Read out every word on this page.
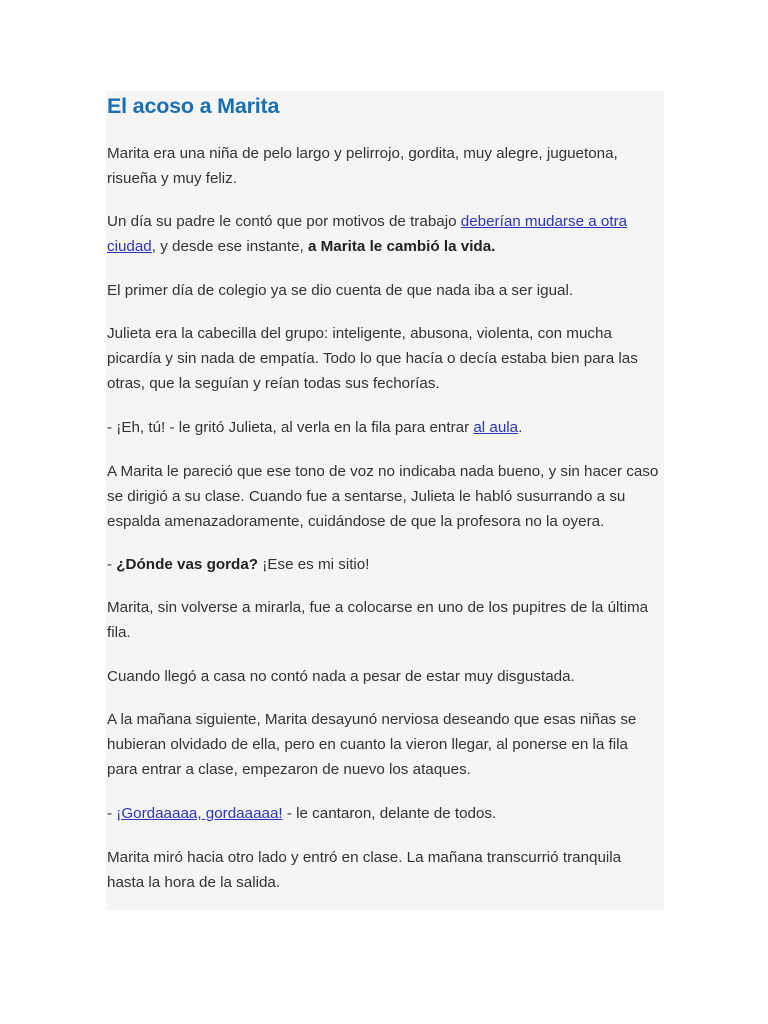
El acoso a Marita

Marita era una niña de pelo largo y pelirrojo, gordita, muy alegre, juguetona, risueña y muy feliz.

Un día su padre le contó que por motivos de trabajo deberían mudarse a otra ciudad, y desde ese instante, a Marita le cambió la vida.

El primer día de colegio ya se dio cuenta de que nada iba a ser igual.

Julieta era la cabecilla del grupo: inteligente, abusona, violenta, con mucha picardía y sin nada de empatía. Todo lo que hacía o decía estaba bien para las otras, que la seguían y reían todas sus fechorías.

- ¡Eh, tú! - le gritó Julieta, al verla en la fila para entrar al aula.

A Marita le pareció que ese tono de voz no indicaba nada bueno, y sin hacer caso se dirigió a su clase. Cuando fue a sentarse, Julieta le habló susurrando a su espalda amenazadoramente, cuidándose de que la profesora no la oyera.

- ¿Dónde vas gorda? ¡Ese es mi sitio!

Marita, sin volverse a mirarla, fue a colocarse en uno de los pupitres de la última fila.

Cuando llegó a casa no contó nada a pesar de estar muy disgustada.

A la mañana siguiente, Marita desayunó nerviosa deseando que esas niñas se hubieran olvidado de ella, pero en cuanto la vieron llegar, al ponerse en la fila para entrar a clase, empezaron de nuevo los ataques.

- ¡Gordaaaaa, gordaaaaa! - le cantaron, delante de todos.

Marita miró hacia otro lado y entró en clase. La mañana transcurrió tranquila hasta la hora de la salida.
